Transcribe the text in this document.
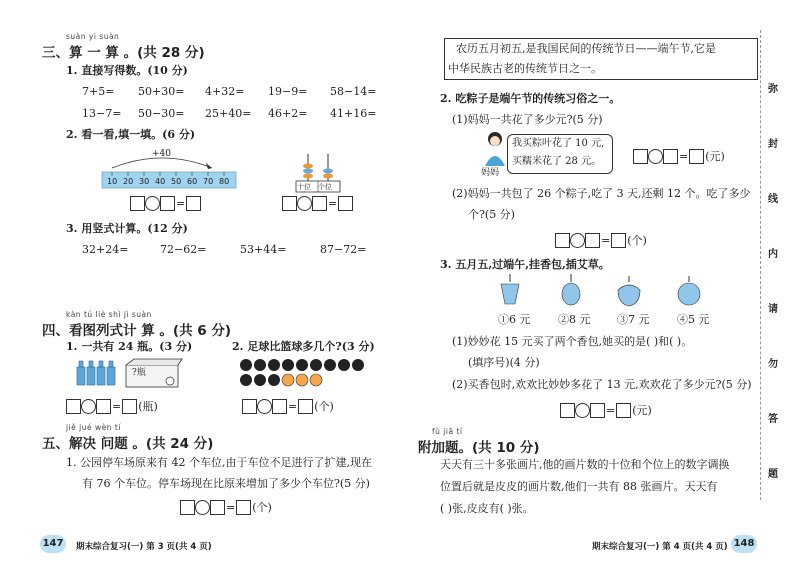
suàn yi suàn
三、算 一 算 。(共 28 分)
1. 直接写得数。(10 分)
7+5= 50+30= 4+32= 19−9= 58−14=
13−7= 50−30= 25+40= 46+2= 41+16=
2. 看一看,填一填。(6 分)
+40
10 20 30 40 50 60 70 80
=
十位 个位
=
3. 用竖式计算。(12 分)
32+24=	72−62=	53+44=	87−72=
kàn tú liè shì jì suàn
四、看图列式计 算 。(共 6 分)
1. 一共有 24 瓶。(3 分)
?瓶
= (瓶)
2. 足球比篮球多几个?(3 分)
= (个)
jiě jué wèn tí
五、解决 问题 。(共 24 分)
1. 公园停车场原来有 42 个车位,由于车位不足进行了扩建,现在
有 76 个车位。停车场现在比原来增加了多少个车位?(5 分)
= (个)
147	期末综合复习(一) 第 3 页(共 4 页)
农历五月初五,是我国民间的传统节日——端午节,它是
中华民族古老的传统节日之一。
2. 吃粽子是端午节的传统习俗之一。
(1)妈妈一共花了多少元?(5 分)
妈妈
我买粽叶花了 10 元,
买糯米花了 28 元。	= (元)
(2)妈妈一共包了 26 个粽子,吃了 3 天,还剩 12 个。吃了多少
个?(5 分)
= (个)
3. 五月五,过端午,挂香包,插艾草。
①6 元	②8 元 ③7 元	④5 元
(1)妙妙花 15 元买了两个香包,她买的是( )和( )。
(填序号)(4 分)
(2)买香包时,欢欢比妙妙多花了 13 元,欢欢花了多少元?(5 分)
= (元)
fù jiā tí
附加题。(共 10 分)
天天有三十多张画片,他的画片数的十位和个位上的数字调换
位置后就是皮皮的画片数,他们一共有 88 张画片。天天有
( )张,皮皮有( )张。
期末综合复习(一) 第 4 页(共 4 页) 148
弥
封
线
内
请
勿
答
题
